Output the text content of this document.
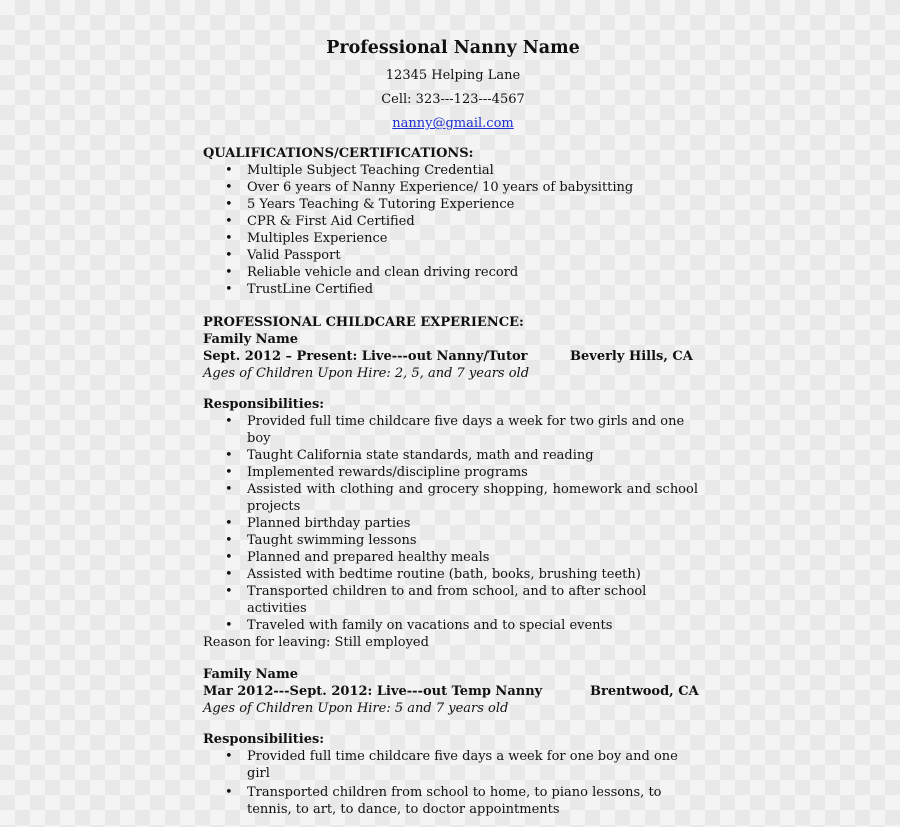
Professional Nanny Name
12345 Helping Lane
Cell: 323---123---4567
nanny@gmail.com
QUALIFICATIONS/CERTIFICATIONS:
• Multiple Subject Teaching Credential
• Over 6 years of Nanny Experience/ 10 years of babysitting
• 5 Years Teaching & Tutoring Experience
• CPR & First Aid Certified
• Multiples Experience
• Valid Passport
• Reliable vehicle and clean driving record
• TrustLine Certified
PROFESSIONAL CHILDCARE EXPERIENCE:
Family Name
Sept. 2012 – Present: Live---out Nanny/Tutor	Beverly Hills, CA
Ages of Children Upon Hire: 2, 5, and 7 years old
Responsibilities:
• Provided full time childcare five days a week for two girls and one boy
• Taught California state standards, math and reading
• Implemented rewards/discipline programs
• Assisted with clothing and grocery shopping, homework and school projects
• Planned birthday parties
• Taught swimming lessons
• Planned and prepared healthy meals
• Assisted with bedtime routine (bath, books, brushing teeth)
• Transported children to and from school, and to after school activities
• Traveled with family on vacations and to special events
Reason for leaving: Still employed
Family Name
Mar 2012---Sept. 2012: Live---out Temp Nanny	Brentwood, CA
Ages of Children Upon Hire: 5 and 7 years old
Responsibilities:
• Provided full time childcare five days a week for one boy and one girl
• Transported children from school to home, to piano lessons, to tennis, to art, to dance, to doctor appointments
